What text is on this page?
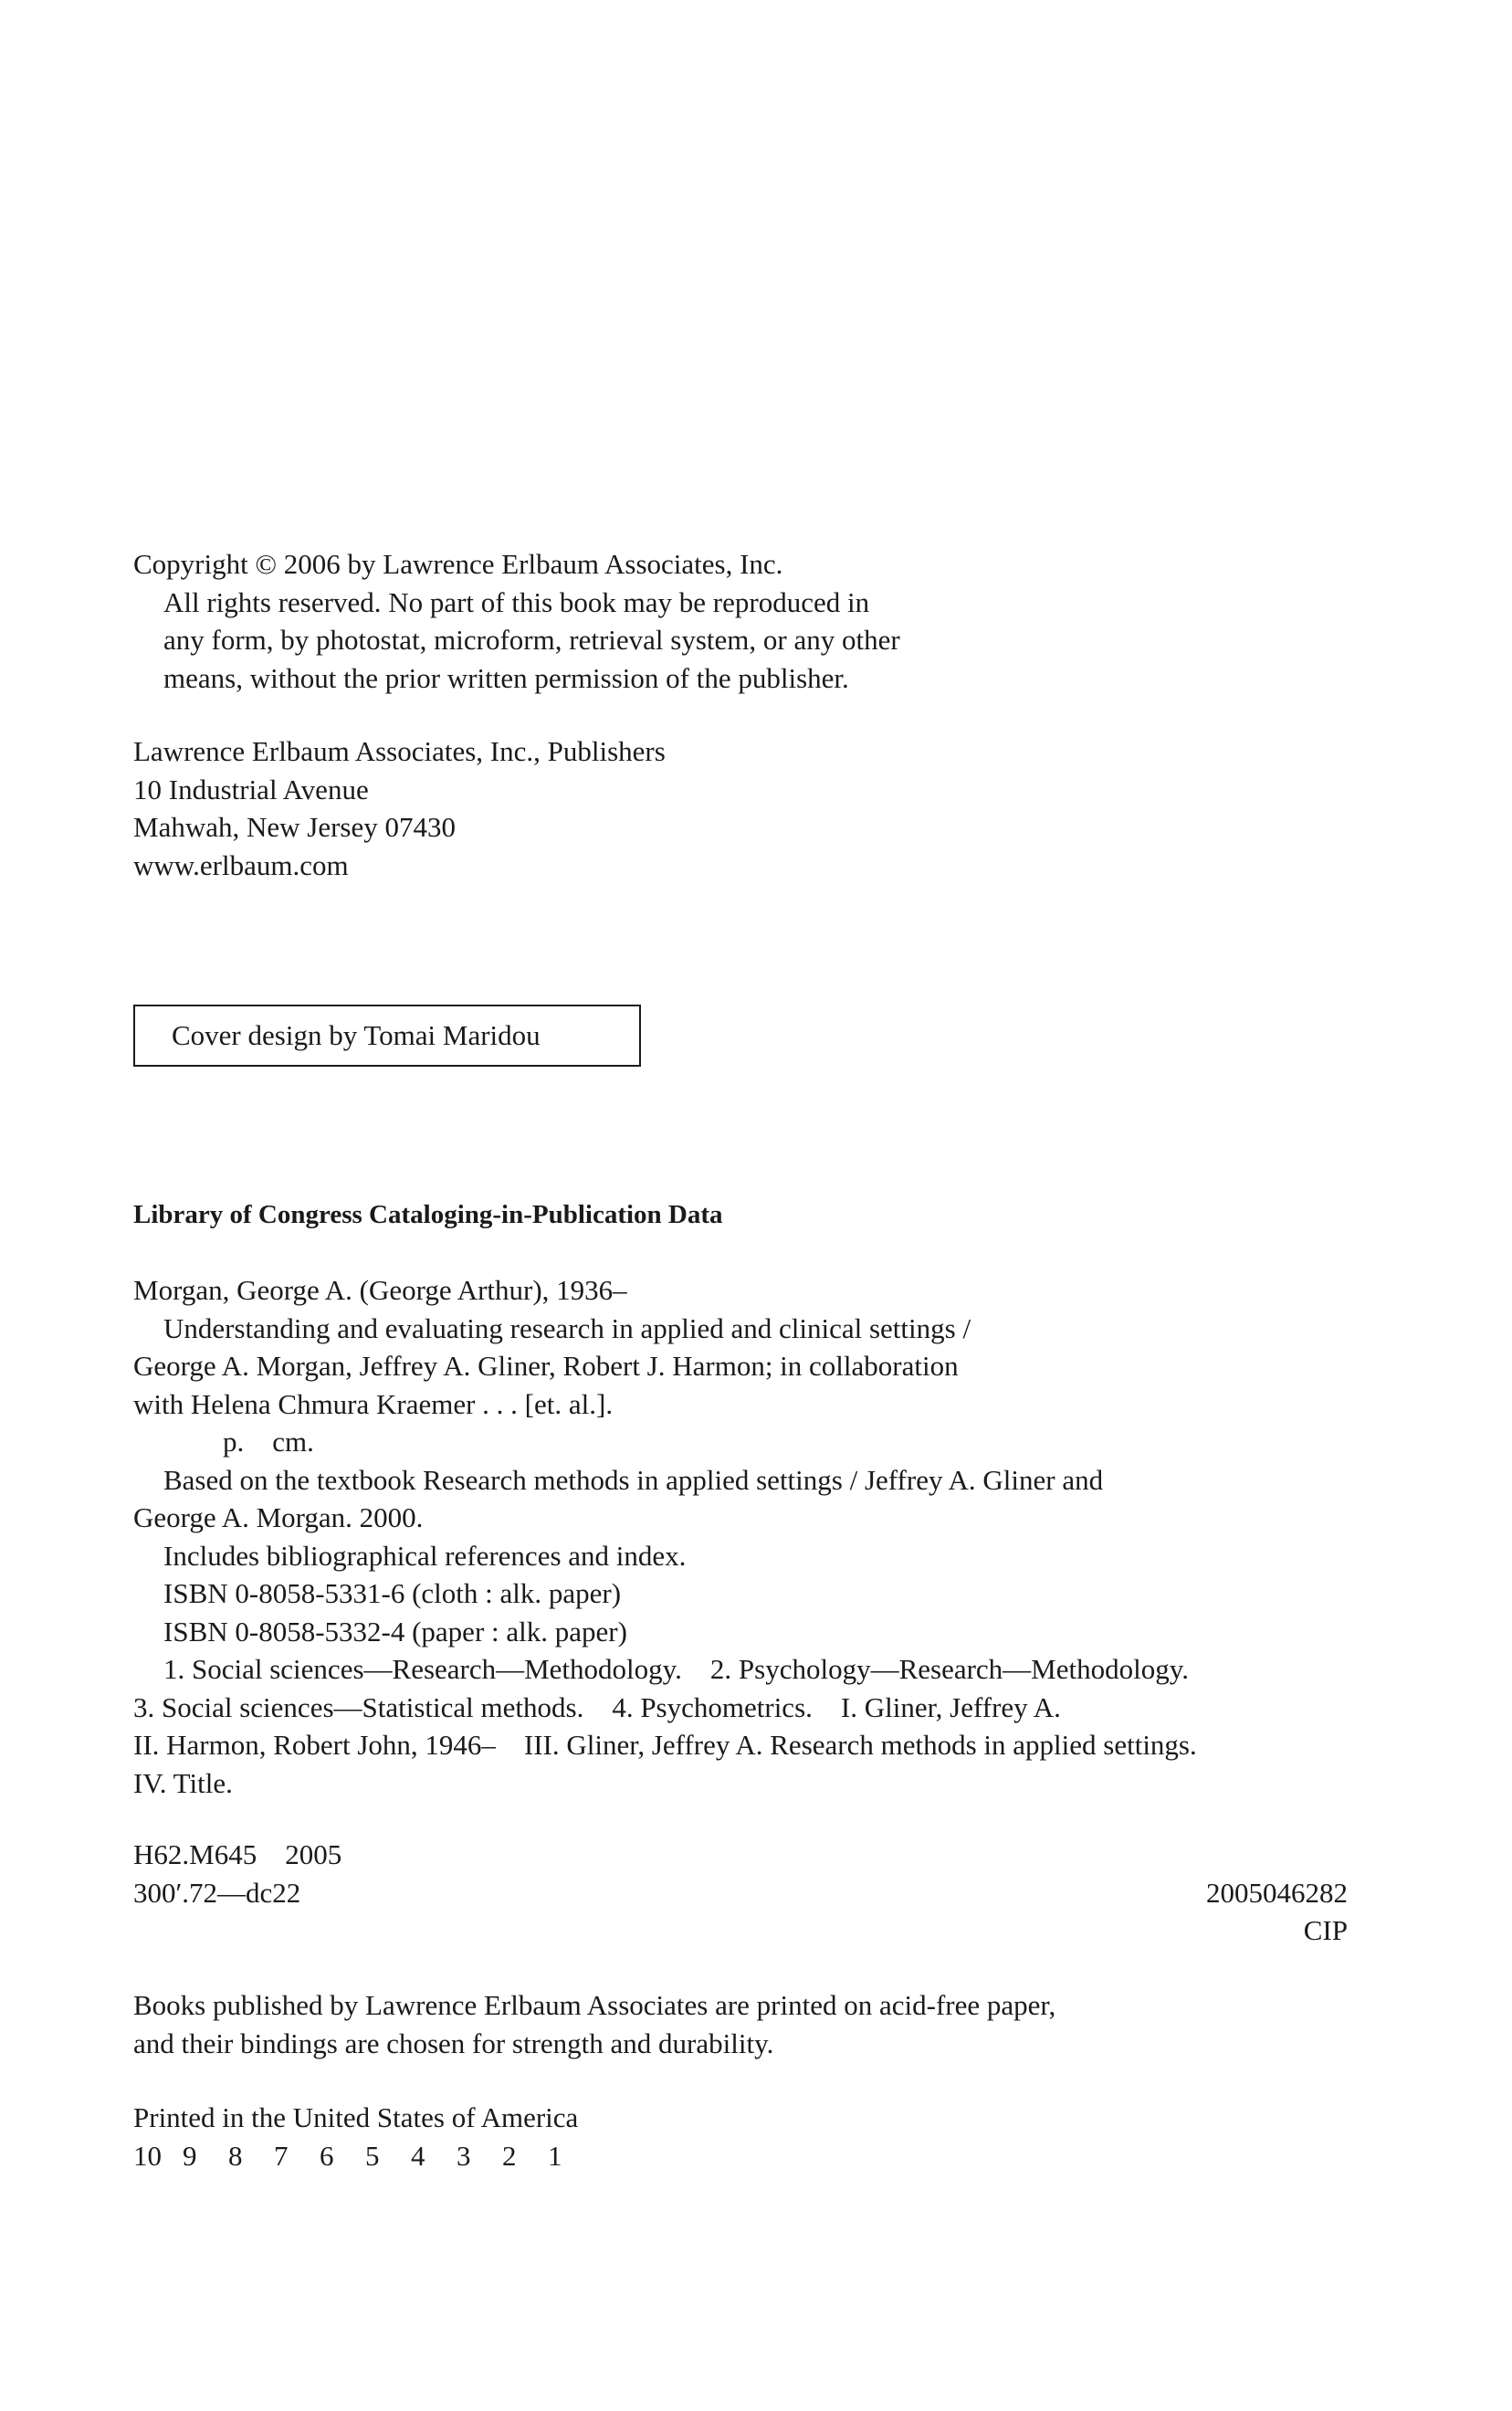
Copyright © 2006 by Lawrence Erlbaum Associates, Inc.
All rights reserved. No part of this book may be reproduced in
any form, by photostat, microform, retrieval system, or any other
means, without the prior written permission of the publisher.
Lawrence Erlbaum Associates, Inc., Publishers
10 Industrial Avenue
Mahwah, New Jersey 07430
www.erlbaum.com
Cover design by Tomai Maridou
Library of Congress Cataloging-in-Publication Data
Morgan, George A. (George Arthur), 1936–
Understanding and evaluating research in applied and clinical settings /
George A. Morgan, Jeffrey A. Gliner, Robert J. Harmon; in collaboration
with Helena Chmura Kraemer . . . [et. al.].
p.    cm.
Based on the textbook Research methods in applied settings / Jeffrey A. Gliner and
George A. Morgan. 2000.
Includes bibliographical references and index.
ISBN 0-8058-5331-6 (cloth : alk. paper)
ISBN 0-8058-5332-4 (paper : alk. paper)
1. Social sciences—Research—Methodology.    2. Psychology—Research—Methodology.
3. Social sciences—Statistical methods.    4. Psychometrics.    I. Gliner, Jeffrey A.
II. Harmon, Robert John, 1946–    III. Gliner, Jeffrey A. Research methods in applied settings.
IV. Title.
H62.M645    2005
300′.72—dc22	2005046282
CIP
Books published by Lawrence Erlbaum Associates are printed on acid-free paper,
and their bindings are chosen for strength and durability.
Printed in the United States of America
10 9	8	7	6	5	4	3	2	1
